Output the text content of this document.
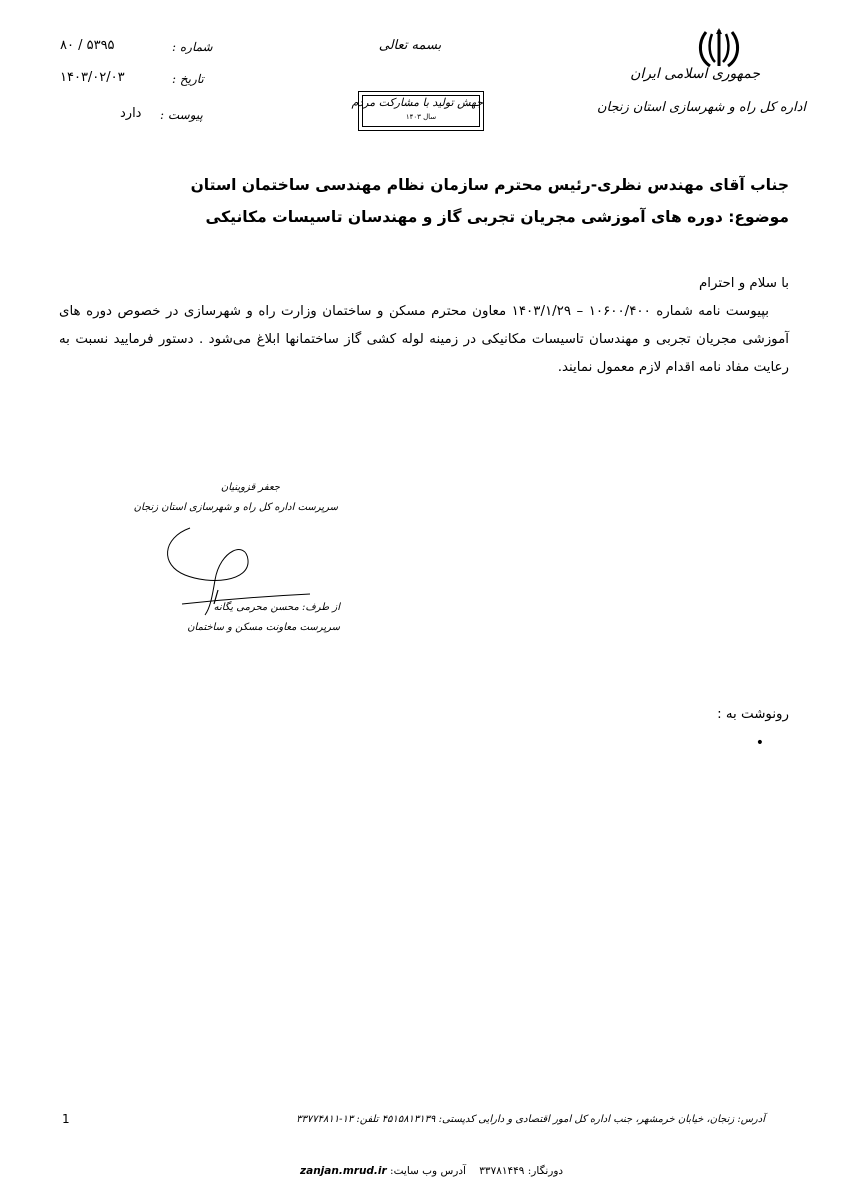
جمهوری اسلامی ایران
اداره کل راه و شهرسازی استان زنجان
بسمه تعالی
جهش تولید با مشارکت مردم
سال ۱۴۰۳
شماره :
۸۰ / ۵۳۹۵
تاریخ :
۱۴۰۳/۰۲/۰۳
پیوست :
دارد
جناب آقای مهندس نظری-رئیس محترم سازمان نظام مهندسی ساختمان استان
موضوع: دوره های آموزشی مجریان تجربی گاز و مهندسان تاسیسات مکانیکی

با سلام و احترام

بپیوست نامه شماره ۱۰۶۰۰/۴۰۰ – ۱۴۰۳/۱/۲۹ معاون محترم مسکن و ساختمان وزارت راه و شهرسازی در خصوص دوره های آموزشی مجریان تجربی و مهندسان تاسیسات مکانیکی در زمینه لوله کشی گاز ساختمانها ابلاغ می‌شود . دستور فرمایید نسبت به رعایت مفاد نامه اقدام لازم معمول نمایند.

جعفر قزوینیان
سرپرست اداره کل راه و شهرسازی استان زنجان
از طرف: محسن محرمی یگانه
سرپرست معاونت مسکن و ساختمان
رونوشت به :
•
1	آدرس: زنجان، خیابان خرمشهر، جنب اداره کل امور اقتصادی و دارایی کدپستی: ۴۵۱۵۸۱۳۱۳۹ تلفن: ۱۳-۳۳۷۷۴۸۱۱
دورنگار: ۳۳۷۸۱۴۴۹    آدرس وب سایت: zanjan.mrud.ir
